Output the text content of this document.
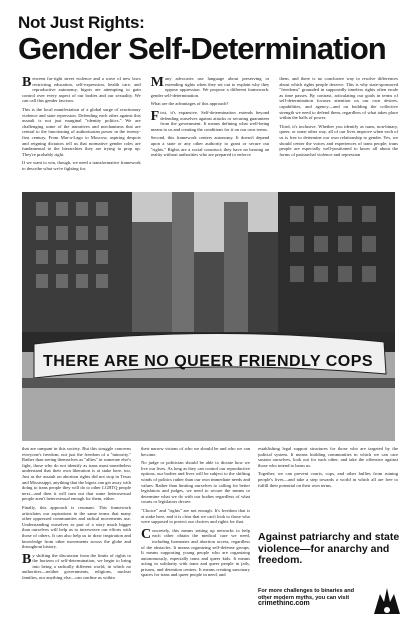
Not Just Rights:
Gender Self-Determination

Between far-right street violence and a wave of new laws restricting education, self-expression, health care, and reproductive autonomy, bigots are attempting to gain control over every aspect of our bodies and our sexuality. We can call this gender fascism.

This is the local manifestation of a global surge of reactionary violence and state repression. Defending each other against this assault is not just marginal "identity politics." We are challenging some of the narratives and mechanisms that are central to the functioning of authoritarian power in the twenty-first century. From Mar-a-Lago to Moscow, aspiring despots and reigning dictators tell us that normative gender roles are fundamental to the hierarchies they are trying to prop up. They're probably right.

If we want to win, though, we need a transformative framework to describe what we're fighting for.

Many advocates use language about preserving or extending rights when they set out to explain why they oppose oppression. We propose a different framework: gender self-determination.

What are the advantages of this approach?

First, it's expansive. Self-determination extends beyond defending ourselves against attacks or securing guarantees from the government. It means defining what well-being means to us and creating the conditions for it on our own terms.

Second, this framework centers autonomy. It doesn't depend upon a state or any other authority to grant or secure our "rights." Rights are a social construct; they have no bearing on reality without authorities who are prepared to enforce

them, and there is no conclusive way to resolve differences about which rights people deserve. This is why state-sponsored "freedoms" grounded in supposedly timeless rights often erode as time passes. By contrast, articulating our goals in terms of self-determination focuses attention on our own desires, capabilities, and agency—and on building the collective strength we need to defend them, regardless of what takes place within the halls of power.

Third, it's inclusive. Whether you identify as trans, non-binary, queer, or some other way, all of our lives improve when each of us is free to determine our own relationship to gender. Yes, we should center the voices and experiences of trans people; trans people are especially well-positioned to know all about the forms of patriarchal violence and repression

THERE ARE NO QUEER FRIENDLY COPS

that are rampant in this society. But this struggle concerns everyone's freedom, not just the freedom of a "minority." Rather than seeing themselves as "allies" in someone else's fight, those who do not identify as trans must nonetheless understand that their own liberation is at stake here, too. Just as the assault on abortion rights did not stop in Texas and Mississippi, anything that the bigots can get away with doing to trans people they will do to other LGBTQ people next—and then it will turn out that some heterosexual people aren't heterosexual enough for them, either.

Finally, this approach is resonant. This framework articulates our aspirations in the same terms that many other oppressed communities and radical movements use. Understanding ourselves as part of a story much bigger than ourselves will help us to interweave our efforts with those of others. It can also help us to draw inspiration and knowledge from other movements across the globe and throughout history.

By shifting the discussion from the limits of rights to the horizon of self-determination, we begin to bring into being a radically different world, in which no authorities—neither governments, religions, nuclear families, nor anything else—can confine us within

their narrow visions of who we should be and who we can become.

No judge or politician should be able to dictate how we live our lives. As long as they can control our reproductive options, our bodies and lives will be subject to the shifting winds of politics rather than our own immediate needs and values. Rather than limiting ourselves to calling for better legislators and judges, we need to secure the means to determine what we do with our bodies regardless of what courts or legislators decree.

"Choice" and "rights" are not enough. It's freedom that is at stake here, and it is clear that we can't look to those who were supposed to protect our choices and rights for that.

Concretely, this means setting up networks to help each other obtain the medical care we need, including hormones and abortion access, regardless of the obstacles. It means organizing self-defense groups. It means supporting young people who are organizing autonomously, especially trans and queer kids. It means acting in solidarity with trans and queer people in jails, prisons, and detention centers. It means creating sanctuary spaces for trans and queer people in need, and

establishing legal support structures for those who are targeted by the judicial system. It means building communities in which we can care sustain ourselves, look out for each other, and take the offensive against those who intend to harm us.

Together, we can prevent courts, cops, and other bullies from ruining people's lives—and take a step towards a world in which all are free to fulfill their potential on their own terms.

Against patriarchy and state violence—for anarchy and freedom.
For more challenges to binaries and other modern myths, you can visit
crimethinc.com
